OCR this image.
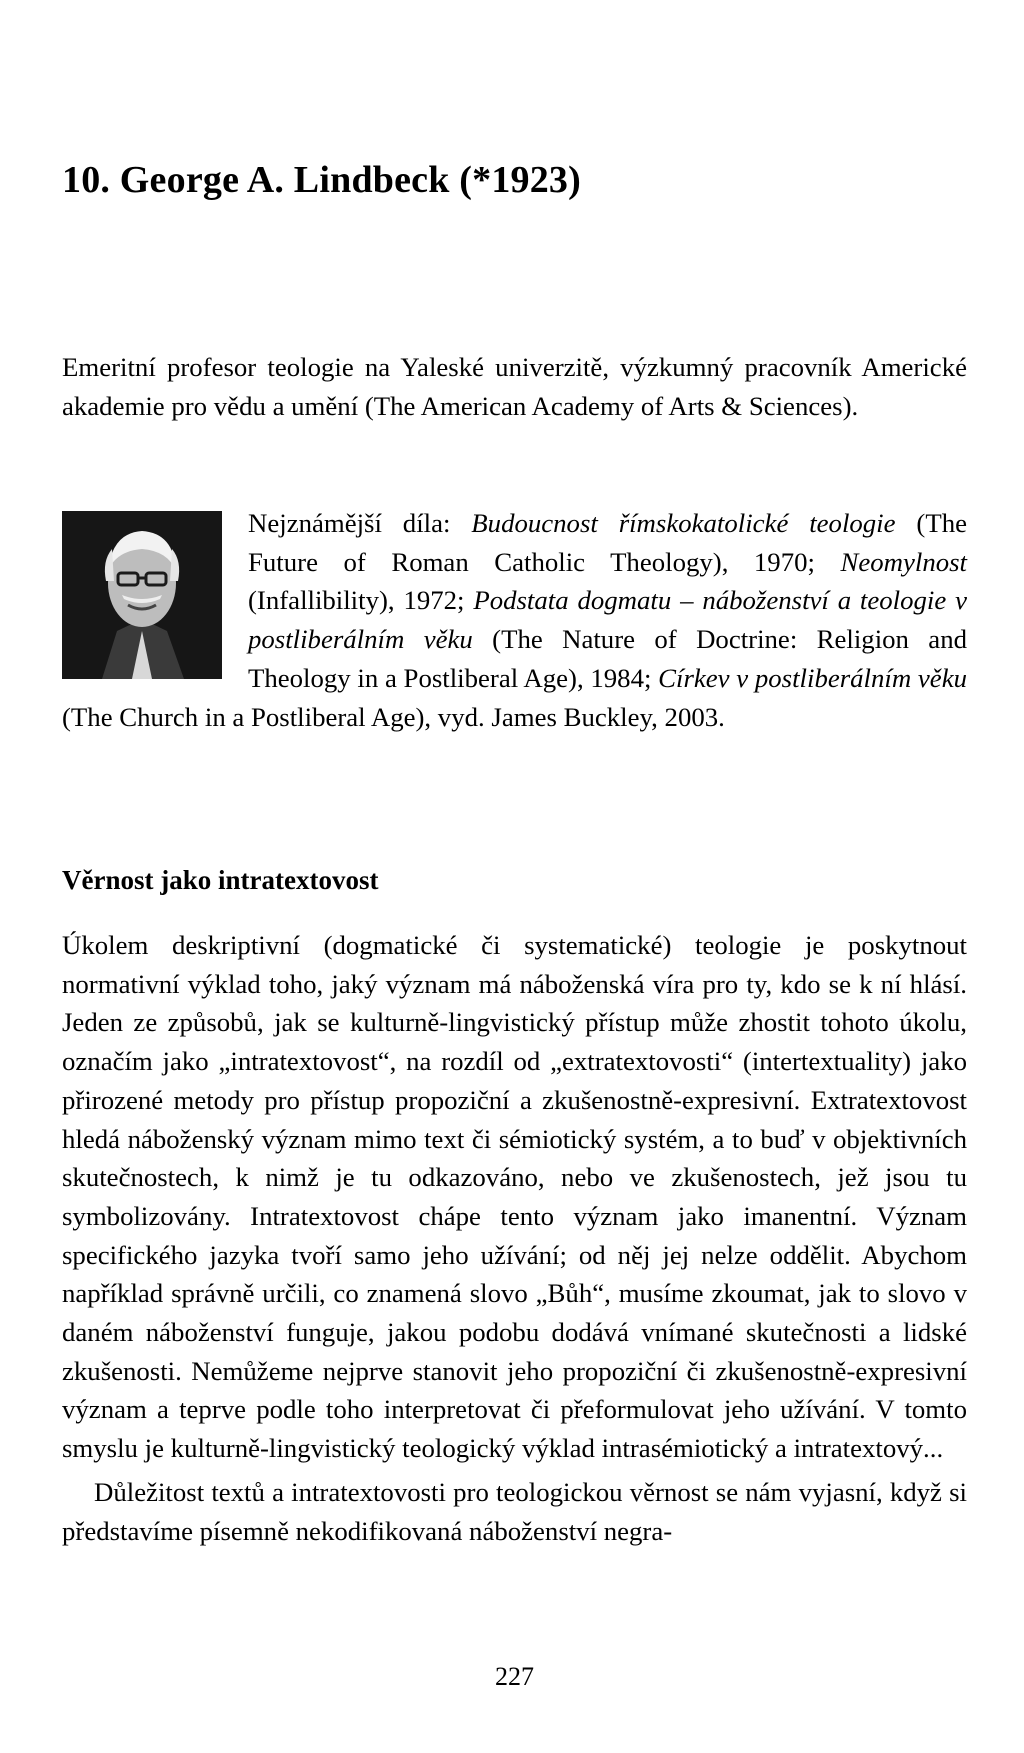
10. George A. Lindbeck (*1923)

Emeritní profesor teologie na Yaleské univerzitě, výzkumný pracovník Americké akademie pro vědu a umění (The American Academy of Arts & Sciences).

Nejznámější díla: Budoucnost římskokatolické teologie (The Future of Roman Catholic Theology), 1970; Neomylnost (Infallibility), 1972; Podstata dogmatu – náboženství a teologie v postliberálním věku (The Nature of Doctrine: Religion and Theology in a Postliberal Age), 1984; Církev v postliberálním věku (The Church in a Postliberal Age), vyd. James Buckley, 2003.

Věrnost jako intratextovost

Úkolem deskriptivní (dogmatické či systematické) teologie je poskytnout normativní výklad toho, jaký význam má náboženská víra pro ty, kdo se k ní hlásí. Jeden ze způsobů, jak se kulturně-lingvistický přístup může zhostit tohoto úkolu, označím jako „intratextovost“, na rozdíl od „extratextovosti“ (intertextuality) jako přirozené metody pro přístup propoziční a zkušenostně-expresivní. Extratextovost hledá náboženský význam mimo text či sémiotický systém, a to buď v objektivních skutečnostech, k nimž je tu odkazováno, nebo ve zkušenostech, jež jsou tu symbolizovány. Intratextovost chápe tento význam jako imanentní. Význam specifického jazyka tvoří samo jeho užívání; od něj jej nelze oddělit. Abychom například správně určili, co znamená slovo „Bůh“, musíme zkoumat, jak to slovo v daném náboženství funguje, jakou podobu dodává vnímané skutečnosti a lidské zkušenosti. Nemůžeme nejprve stanovit jeho propoziční či zkušenostně-expresivní význam a teprve podle toho interpretovat či přeformulovat jeho užívání. V tomto smyslu je kulturně-lingvistický teologický výklad intrasémiotický a intratextový...

Důležitost textů a intratextovosti pro teologickou věrnost se nám vyjasní, když si představíme písemně nekodifikovaná náboženství negra-

227
